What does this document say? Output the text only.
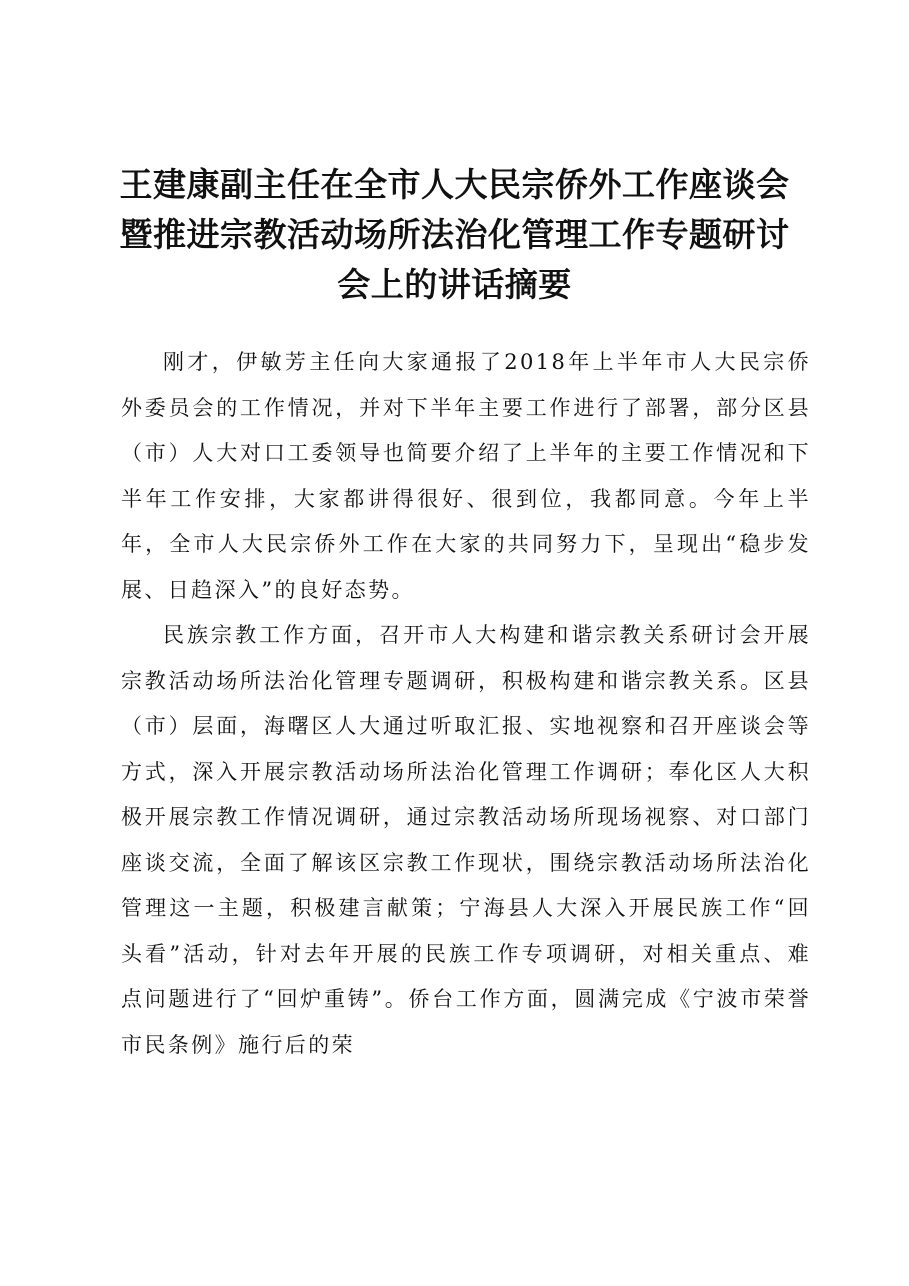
王建康副主任在全市人大民宗侨外工作座谈会
暨推进宗教活动场所法治化管理工作专题研讨
会上的讲话摘要

刚才，伊敏芳主任向大家通报了2018年上半年市人大民宗侨外委员会的工作情况，并对下半年主要工作进行了部署，部分区县（市）人大对口工委领导也简要介绍了上半年的主要工作情况和下半年工作安排，大家都讲得很好、很到位，我都同意。今年上半年，全市人大民宗侨外工作在大家的共同努力下，呈现出“稳步发展、日趋深入”的良好态势。

民族宗教工作方面，召开市人大构建和谐宗教关系研讨会开展宗教活动场所法治化管理专题调研，积极构建和谐宗教关系。区县（市）层面，海曙区人大通过听取汇报、实地视察和召开座谈会等方式，深入开展宗教活动场所法治化管理工作调研；奉化区人大积极开展宗教工作情况调研，通过宗教活动场所现场视察、对口部门座谈交流，全面了解该区宗教工作现状，围绕宗教活动场所法治化管理这一主题，积极建言献策；宁海县人大深入开展民族工作“回头看”活动，针对去年开展的民族工作专项调研，对相关重点、难点问题进行了“回炉重铸”。侨台工作方面，圆满完成《宁波市荣誉市民条例》施行后的荣
